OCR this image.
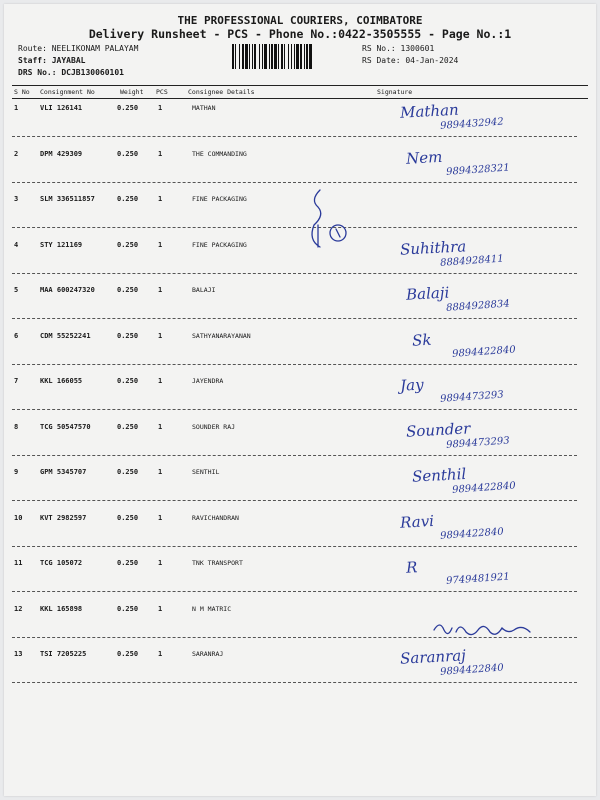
THE PROFESSIONAL COURIERS, COIMBATORE
Delivery Runsheet - PCS - Phone No.:0422-3505555 - Page No.:1
Route: NEELIKONAM PALAYAM
Staff: JAYABAL
DRS No.: DCJB130060101
RS No.: 1300601
RS Date: 04-Jan-2024
S No Consignment No	Weight PCS	Consignee Details	Signature
1	VLI 126141	0.250	1	MATHAN	Mathan
9894432942
2	DPM 429309	0.250	1	THE COMMANDING	Nem
9894328321
3	SLM 336511857	0.250	1	FINE PACKAGING
4	STY 121169	0.250	1	FINE PACKAGING	Suhithra
8884928411
5	MAA 600247320	0.250	1	BALAJI	Balaji
8884928834
6	CDM 55252241	0.250	1	SATHYANARAYANAN	Sk
9894422840
7	KKL 166055	0.250	1	JAYENDRA	Jay
9894473293
8	TCG 50547570	0.250	1	SOUNDER RAJ	Sounder
9894473293
9	GPM 5345707	0.250	1	SENTHIL	Senthil
9894422840
10	KVT 2982597	0.250	1	RAVICHANDRAN	Ravi
9894422840
11	TCG 105072	0.250	1	TNK TRANSPORT	R
9749481921
12	KKL 165898	0.250	1	N M MATRIC
13	TSI 7205225	0.250	1	SARANRAJ	Saranraj
9894422840
